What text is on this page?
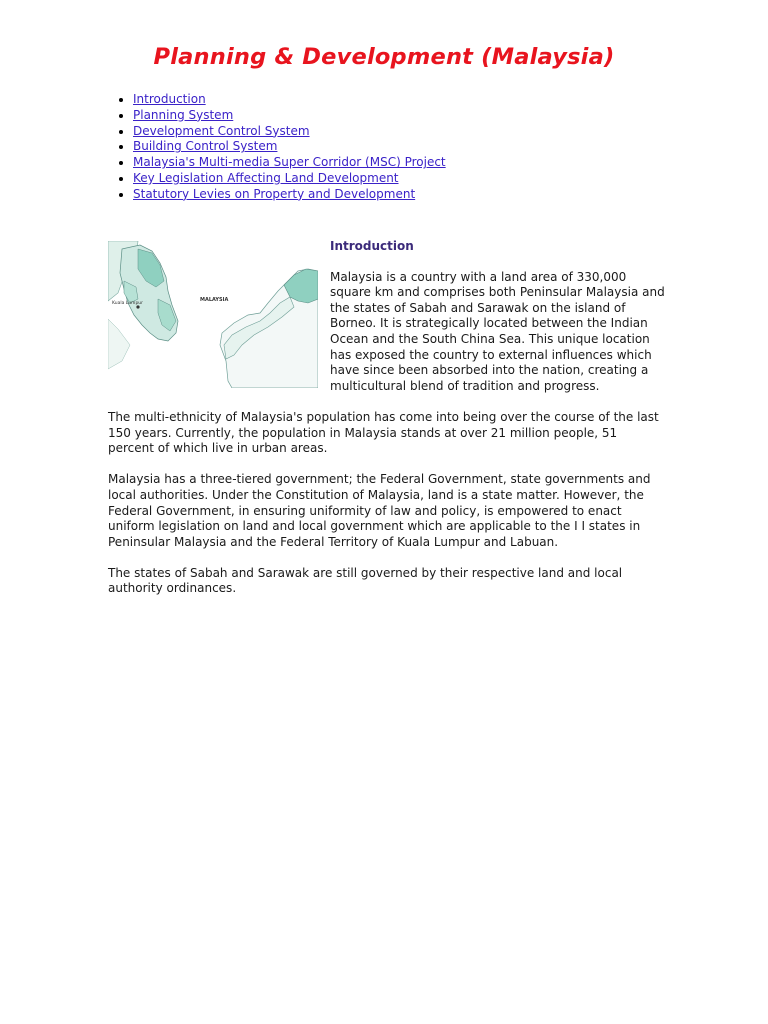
Planning & Development (Malaysia)
• Introduction
• Planning System
• Development Control System
• Building Control System
• Malaysia's Multi-media Super Corridor (MSC) Project
• Key Legislation Affecting Land Development
• Statutory Levies on Property and Development
Kuala Lumpur
MALAYSIA
Introduction

Malaysia is a country with a land area of 330,000 square km and comprises both Peninsular Malaysia and the states of Sabah and Sarawak on the island of Borneo. It is strategically located between the Indian Ocean and the South China Sea. This unique location has exposed the country to external influences which have since been absorbed into the nation, creating a multicultural blend of tradition and progress.

The multi-ethnicity of Malaysia's population has come into being over the course of the last 150 years. Currently, the population in Malaysia stands at over 21 million people, 51 percent of which live in urban areas.

Malaysia has a three-tiered government; the Federal Government, state governments and local authorities. Under the Constitution of Malaysia, land is a state matter. However, the Federal Government, in ensuring uniformity of law and policy, is empowered to enact uniform legislation on land and local government which are applicable to the I I states in Peninsular Malaysia and the Federal Territory of Kuala Lumpur and Labuan.

The states of Sabah and Sarawak are still governed by their respective land and local authority ordinances.
